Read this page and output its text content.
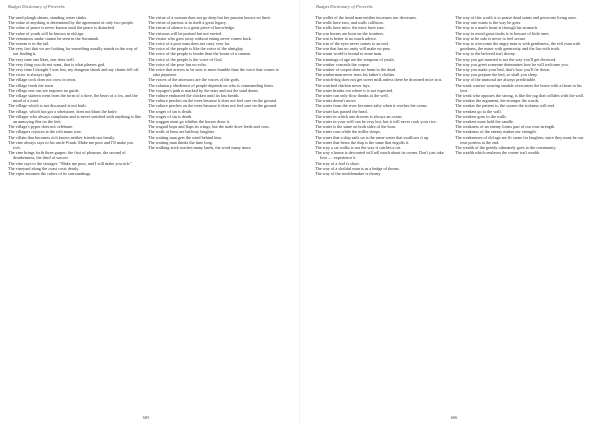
Budget Dictionary of Proverbs

The used plough shines, standing water stinks.

The value of anything is determined by the agreement of only two people.

The value of peace is never known until the peace is disturbed.

The value of youth will be known in old age.

The venomous snake cannot be seen in the Savannah.

The venom is in the tail.

The very fact that we are looking for something usually stands in the way of our finding it.

The very time one likes, one does well.

The very thing you do not want, that is what pleases god.

The very time I thought I was lost, my dungeon shook and my chains fell off.

The victor is always right.

The village cock does not crow in town.

The village feeds the town.

The village one can see requires no guide.

The village slattern went from the form of a dove, the heart of a fox, and the mind of a toad.

The village which is not discussed is not built.

The village, which has got a whetstone, does not blunt the knife.

The villager who always complains and is never satisfied with anything is like an annoying flea on the feet.

The village's pyper does not celebrate.

The villagers rejoices at the rich mans woe.

The villain that becomes rich knows neither friends nor family.

The vine always says to his uncle Frank: Make me poor and I'll make you rich.

The vine brings forth three grapes: the first of pleasure, the second of drunkenness, the third of sorrow.

The vine says to the vintager: "Make me poor, and I will make you rich."

The vineyard along the coast costs dearly.

The viper assumes the colors of its surroundings.

The virtue of a woman does not go deep but her passion knows no limit.

The virtue of parents is in itself a great legacy.

The virtue of silence is a great piece of knowledge.

The virtuous will be praised but not envied.

The visitor who goes away without eating never comes back.

The voice of a poor man does not carry very far.

The voice of the people is like the voice of the almighty.

The voice of the people is louder than the boom of a cannon.

The voice of the people is the voice of God.

The voice of the poor has no echo.

The voice that arrives to be now is more humble than the voice that comes to take payment.

The voices of the ancestors are the voices of the gods.

The voluntary obedience of people depends on who is commanding them.

The voyager's path is marked by the stars and not the sand dunes.

The vulture embraced the chicken until its last breath.

The vulture perches on the trees because it does not feel sure on the ground.

The vulture perches on the trees because it does not feel sure on the ground.

The wages of sin is death.

The wages of sin is death.

The waggon must go whither the horses draw it.

The wagtail hops and flaps its wings, but the male dove feeds and coos.

The walls of hens are halfway laughter.

The waiting man gets the wind behind him.

The waiting man thinks the time long.

The walking-stick reaches many lands, the word many more.

605
Budget Dictionary of Proverbs

The wallet of the timid man neither increases nor decreases.

The walls have ears, and walls collision.

The walls have mice, the mice have ears.

The war horses are born on the frontiers.

The war is better to no much advice.

The war of the eyes never comes to an end.

The war that has no unity will make no prey.

The warm world is bound to none man.

The warnings of age are the weapons of youth.

The washer conceals the corpse.

The washer of corpse does no harm to the dead.

The washerman never tears his father's clothes.

The watch-dog does not get sweet milk unless there be drowned mice in it.

The watched chicken never lays.

The water breaks out where it is not expected.

The water can only flow thanks to the well.

The water doesn't move.

The water from the river becomes salty when it reaches the ocean.

The water has passed the head.

The water in which one drowns is always an ocean.

The water in your well can be very hot, but it will never cook your rice.

The water is the same on both sides of the boat.

The water runs while the miller sleeps.

The water that a ship sails on is the same water that swallows it up.

The water that bears the ship is the same that engulfs it.

The way a cat walks is not the way it catches a rat.

The way a house is decorated will tell much about its owner. Don't just take love — experience it.

The way of a fool is short.

The way of a slothful man is as a hedge of thorns.

The way of the troublemaker is thorny.

The way of this world is to praise dead saints and persecute living ones.

The way one wants is the way he goes.

The way to a man's heart is through his stomach.

The way to avoid great faults is to beware of little ones.

The way to be safe is never to feel secure.

The way to overcome the angry man is with gentleness, the evil man with goodness, the miser with generosity and the liar with truth.

The way to the beloved isn't thorny.

The way you get married is not the way you'll get divorced.

The way you greet someone determines how he will welcome you.

The way you make your bed, that's how you'll lie down.

The way you prepare the bed, so shall you sleep.

The way of the immoral are always predictable.

The weak warrior wearing sandals overcomes the brave with a thorn in his foot.

The weak who opposes the strong, is like the jug that collides with the wall.

The weaker the argument, the stronger the words.

The weaker the patient is, the sooner the sickness will end.

The weakest go to the wall.

The weakest goes to the walls.

The weakest must hold the candle.

The weakness of an enemy forms part of our own strength.

The weakness of the enemy makes our strength.

The weaknesses of old age are fit cause for laughter, since they must be our own portion at the end.

The wealth of the greedy ultimately goes to the community.

The wealth which enslaves the owner isn't wealth.

606
